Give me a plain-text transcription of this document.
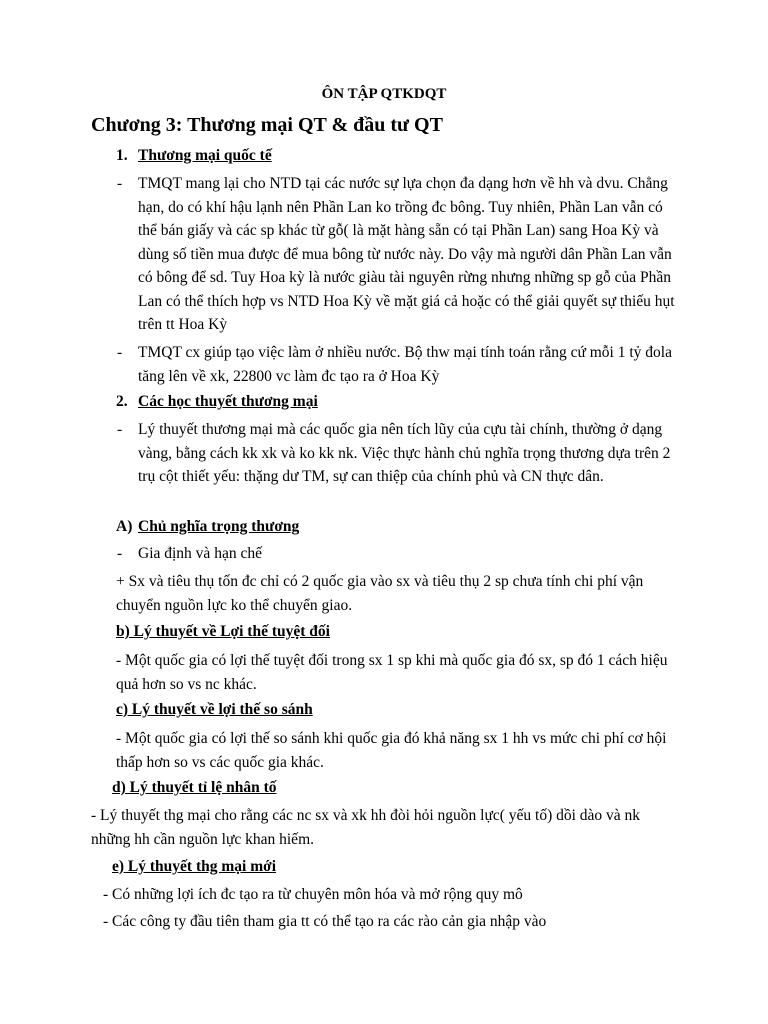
ÔN TẬP QTKDQT
Chương 3: Thương mại QT & đầu tư QT
1. Thương mại quốc tế
- TMQT mang lại cho NTD tại các nước sự lựa chọn đa dạng hơn về hh và dvu. Chẳng hạn, do có khí hậu lạnh nên Phần Lan ko trồng đc bông. Tuy nhiên, Phần Lan vẫn có thể bán giấy và các sp khác từ gỗ( là mặt hàng sẵn có tại Phần Lan) sang Hoa Kỳ và dùng số tiền mua được để mua bông từ nước này. Do vậy mà người dân Phần Lan vẫn có bông để sd. Tuy Hoa kỳ là nước giàu tài nguyên rừng nhưng những sp gỗ của Phần Lan có thể thích hợp vs NTD Hoa Kỳ về mặt giá cả hoặc có thể giải quyết sự thiếu hụt trên tt Hoa Kỳ
- TMQT cx giúp tạo việc làm ở nhiều nước. Bộ thw mại tính toán rằng cứ mỗi 1 tỷ đola tăng lên về xk, 22800 vc làm đc tạo ra ở Hoa Kỳ
2. Các học thuyết thương mại
- Lý thuyết thương mại mà các quốc gia nên tích lũy của cựu tài chính, thường ở dạng vàng, bằng cách kk xk và ko kk nk. Việc thực hành chủ nghĩa trọng thương dựa trên 2 trụ cột thiết yếu: thặng dư TM, sự can thiệp của chính phủ và CN thực dân.
A) Chủ nghĩa trọng thương
- Gia định và hạn chế
+ Sx và tiêu thụ tốn đc chỉ có 2 quốc gia vào sx và tiêu thụ 2 sp chưa tính chi phí vận chuyển nguồn lực ko thể chuyển giao.
b) Lý thuyết về Lợi thế tuyệt đối
- Một quốc gia có lợi thế tuyệt đối trong sx 1 sp khi mà quốc gia đó sx, sp đó 1 cách hiệu quả hơn so vs nc khác.
c) Lý thuyết về lợi thế so sánh
- Một quốc gia có lợi thế so sánh khi quốc gia đó khả năng sx 1 hh vs mức chi phí cơ hội thấp hơn so vs các quốc gia khác.
d) Lý thuyết tỉ lệ nhân tố
- Lý thuyết thg mại cho rằng các nc sx và xk hh đòi hỏi nguồn lực( yếu tố) dồi dào và nk những hh cần nguồn lực khan hiếm.
e) Lý thuyết thg mại mới
- Có những lợi ích đc tạo ra từ chuyên môn hóa và mở rộng quy mô
- Các công ty đầu tiên tham gia tt có thể tạo ra các rào cản gia nhập vào
